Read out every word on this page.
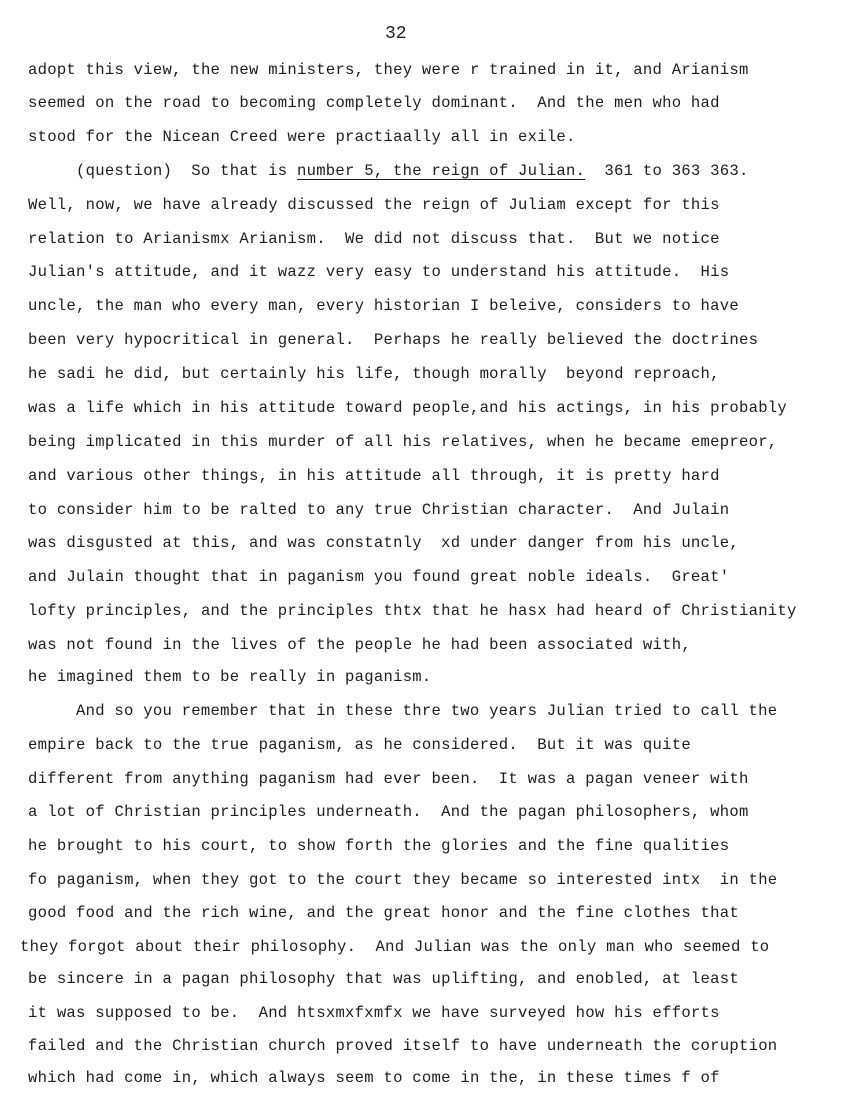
32
adopt this view, the new ministers, they were r trained in it, and Arianism
seemed on the road to becoming completely dominant.  And the men who had
stood for the Nicean Creed were practiaally all in exile.
(question)  So that is number 5, the reign of Julian.  361 to 363 363.
Well, now, we have already discussed the reign of Juliam except for this
relation to Arianismx Arianism.  We did not discuss that.  But we notice
Julian's attitude, and it wazz very easy to understand his attitude.  His
uncle, the man who every man, every historian I beleive, considers to have
been very hypocritical in general.  Perhaps he really believed the doctrines
he sadi he did, but certainly his life, though morally  beyond reproach,
was a life which in his attitude toward people,and his actings, in his probably
being implicated in this murder of all his relatives, when he became emepreor,
and various other things, in his attitude all through, it is pretty hard
to consider him to be ralted to any true Christian character.  And Julain
was disgusted at this, and was constatnly  xd under danger from his uncle,
and Julain thought that in paganism you found great noble ideals.  Great'
lofty principles, and the principles thtx that he hasx had heard of Christianity
was not found in the lives of the people he had been associated with,
he imagined them to be really in paganism.
And so you remember that in these thre two years Julian tried to call the
empire back to the true paganism, as he considered.  But it was quite
different from anything paganism had ever been.  It was a pagan veneer with
a lot of Christian principles underneath.  And the pagan philosophers, whom
he brought to his court, to show forth the glories and the fine qualities
fo paganism, when they got to the court they became so interested intx  in the
good food and the rich wine, and the great honor and the fine clothes that
they forgot about their philosophy.  And Julian was the only man who seemed to
be sincere in a pagan philosophy that was uplifting, and enobled, at least
it was supposed to be.  And htsxmxfxmfx we have surveyed how his efforts
failed and the Christian church proved itself to have underneath the coruption
which had come in, which always seem to come in the, in these times f of
